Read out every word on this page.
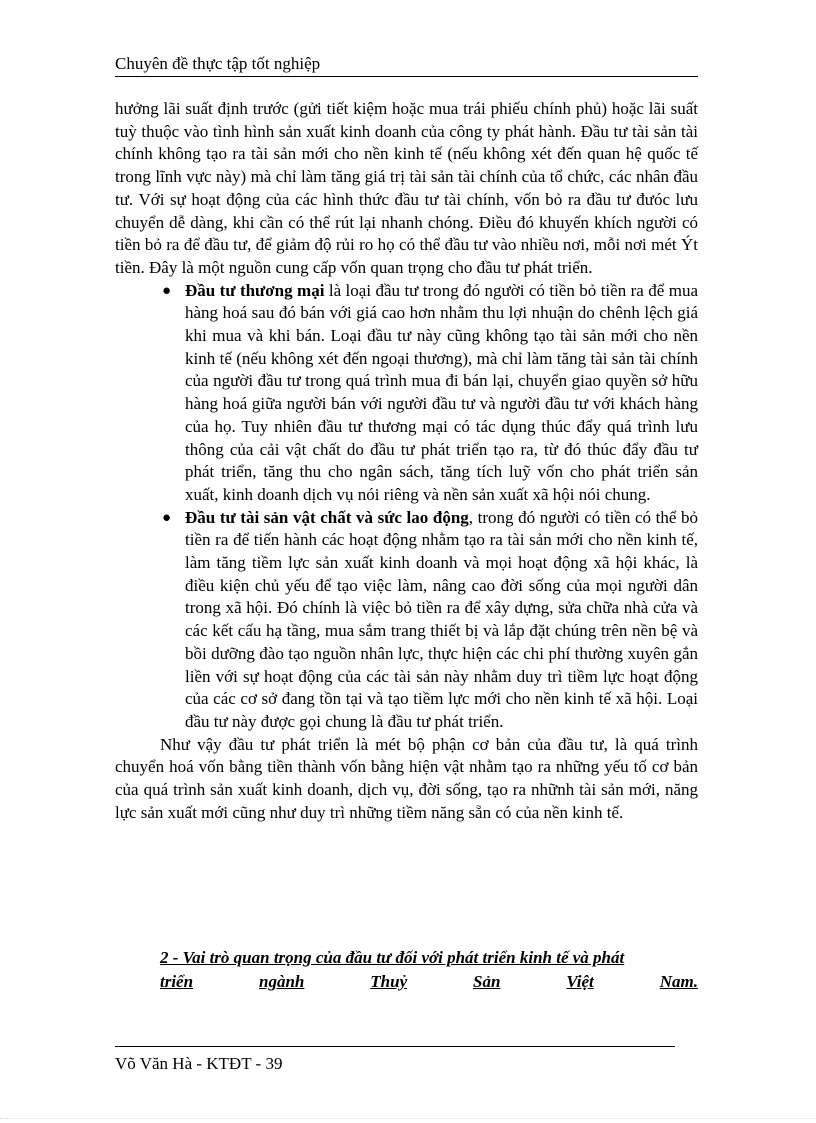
Chuyên đề thực tập tốt nghiệp

hưởng lãi suất định trước (gửi tiết kiệm hoặc mua trái phiếu chính phủ) hoặc lãi suất tuỳ thuộc vào tình hình sản xuất kinh doanh của công ty phát hành. Đầu tư tài sản tài chính không tạo ra tài sản mới cho nền kinh tế (nếu không xét đến quan hệ quốc tế trong lĩnh vực này) mà chỉ làm tăng giá trị tài sản tài chính của tổ chức, các nhân đầu tư. Với sự hoạt động của các hình thức đầu tư tài chính, vốn bỏ ra đầu tư đưóc lưu chuyển dễ dàng, khi cần có thể rút lại nhanh chóng. Điều đó khuyến khích người có tiền bỏ ra để đầu tư, để giảm độ rủi ro họ có thể đầu tư vào nhiều nơi, mỗi nơi mét Ýt tiền. Đây là một nguồn cung cấp vốn quan trọng cho đầu tư phát triển.

● Đầu tư thương mại là loại đầu tư trong đó người có tiền bỏ tiền ra để mua hàng hoá sau đó bán với giá cao hơn nhằm thu lợi nhuận do chênh lệch giá khi mua và khi bán. Loại đầu tư này cũng không tạo tài sản mới cho nền kinh tế (nếu không xét đến ngoại thương), mà chỉ làm tăng tài sản tài chính của người đầu tư trong quá trình mua đi bán lại, chuyển giao quyền sở hữu hàng hoá giữa người bán với người đầu tư và người đầu tư với khách hàng của họ. Tuy nhiên đầu tư thương mại có tác dụng thúc đẩy quá trình lưu thông của cải vật chất do đầu tư phát triển tạo ra, từ đó thúc đẩy đầu tư phát triển, tăng thu cho ngân sách, tăng tích luỹ vốn cho phát triển sản xuất, kinh doanh dịch vụ nói riêng và nền sản xuất xã hội nói chung.
● Đầu tư tài sản vật chất và sức lao động, trong đó người có tiền có thể bỏ tiền ra để tiến hành các hoạt động nhằm tạo ra tài sản mới cho nền kinh tế, làm tăng tiềm lực sản xuất kinh doanh và mọi hoạt động xã hội khác, là điều kiện chủ yếu để tạo việc làm, nâng cao đời sống của mọi người dân trong xã hội. Đó chính là việc bỏ tiền ra để xây dựng, sửa chữa nhà cửa và các kết cấu hạ tầng, mua sắm trang thiết bị và lắp đặt chúng trên nền bệ và bồi dưỡng đào tạo nguồn nhân lực, thực hiện các chi phí thường xuyên gắn liền với sự hoạt động của các tài sản này nhằm duy trì tiềm lực hoạt động của các cơ sở đang tồn tại và tạo tiềm lực mới cho nền kinh tế xã hội. Loại đầu tư này được gọi chung là đầu tư phát triển.

Như vậy đầu tư phát triển là mét bộ phận cơ bản của đầu tư, là quá trình chuyển hoá vốn bằng tiền thành vốn bằng hiện vật nhằm tạo ra những yếu tố cơ bản của quá trình sản xuất kinh doanh, dịch vụ, đời sống, tạo ra nhữnh tài sản mới, năng lực sản xuất mới cũng như duy trì những tiềm năng sẵn có của nền kinh tế.

2 - Vai trò quan trọng của đầu tư đối với phát triển kinh tế và phát
triển	ngành	Thuỷ	Sản	Việt	Nam.
Võ Văn Hà - KTĐT - 39
